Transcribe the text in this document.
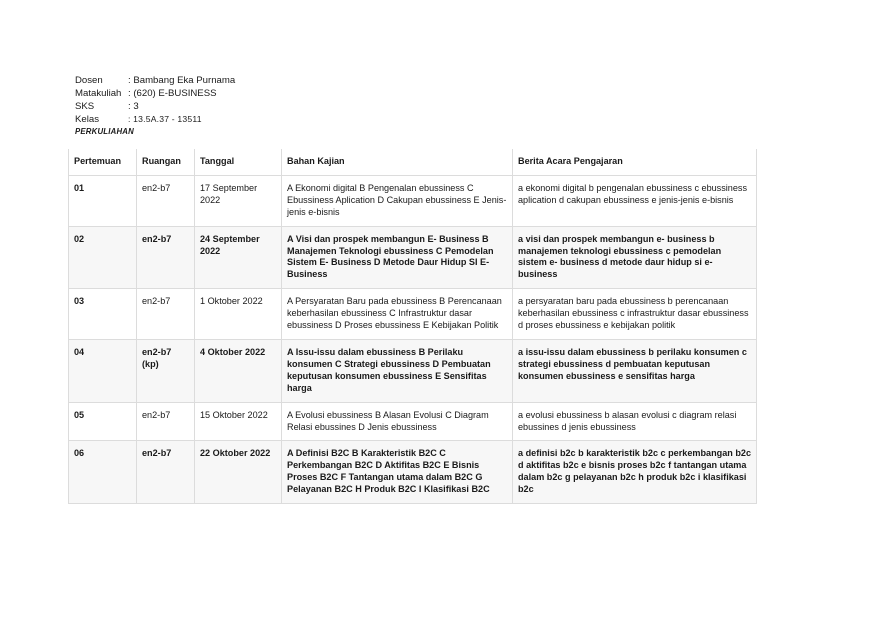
Dosen	: Bambang Eka Purnama
Matakuliah : (620) E-BUSINESS
SKS	: 3
Kelas	: 13.5A.37 - 13511
PERKULIAHAN
Pertemuan	Ruangan	Tanggal	Bahan Kajian	Berita Acara Pengajaran
01	en2-b7	17 September 2022	A Ekonomi digital B Pengenalan ebussiness C Ebussiness Aplication D Cakupan ebussiness E Jenis-jenis e-bisnis	a ekonomi digital b pengenalan ebussiness c ebussiness aplication d cakupan ebussiness e jenis-jenis e-bisnis
02	en2-b7	24 September 2022	A Visi dan prospek membangun E- Business B Manajemen Teknologi ebussiness C Pemodelan Sistem E- Business D Metode Daur Hidup SI E- Business	a visi dan prospek membangun e- business b manajemen teknologi ebussiness c pemodelan sistem e- business d metode daur hidup si e- business
03	en2-b7	1 Oktober 2022	A Persyaratan Baru pada ebussiness B Perencanaan keberhasilan ebussiness C Infrastruktur dasar ebussiness D Proses ebussiness E Kebijakan Politik	a persyaratan baru pada ebussiness b perencanaan keberhasilan ebussiness c infrastruktur dasar ebussiness d proses ebussiness e kebijakan politik
04	en2-b7 (kp)	4 Oktober 2022	A Issu-issu dalam ebussiness B Perilaku konsumen C Strategi ebussiness D Pembuatan keputusan konsumen ebussiness E Sensifitas harga	a issu-issu dalam ebussiness b perilaku konsumen c strategi ebussiness d pembuatan keputusan konsumen ebussiness e sensifitas harga
05	en2-b7	15 Oktober 2022	A Evolusi ebussiness B Alasan Evolusi C Diagram Relasi ebussines D Jenis ebussiness	a evolusi ebussiness b alasan evolusi c diagram relasi ebussines d jenis ebussiness
06	en2-b7	22 Oktober 2022	A Definisi B2C B Karakteristik B2C C Perkembangan B2C D Aktifitas B2C E Bisnis Proses B2C F Tantangan utama dalam B2C G Pelayanan B2C H Produk B2C I Klasifikasi B2C	a definisi b2c b karakteristik b2c c perkembangan b2c d aktifitas b2c e bisnis proses b2c f tantangan utama dalam b2c g pelayanan b2c h produk b2c i klasifikasi b2c
